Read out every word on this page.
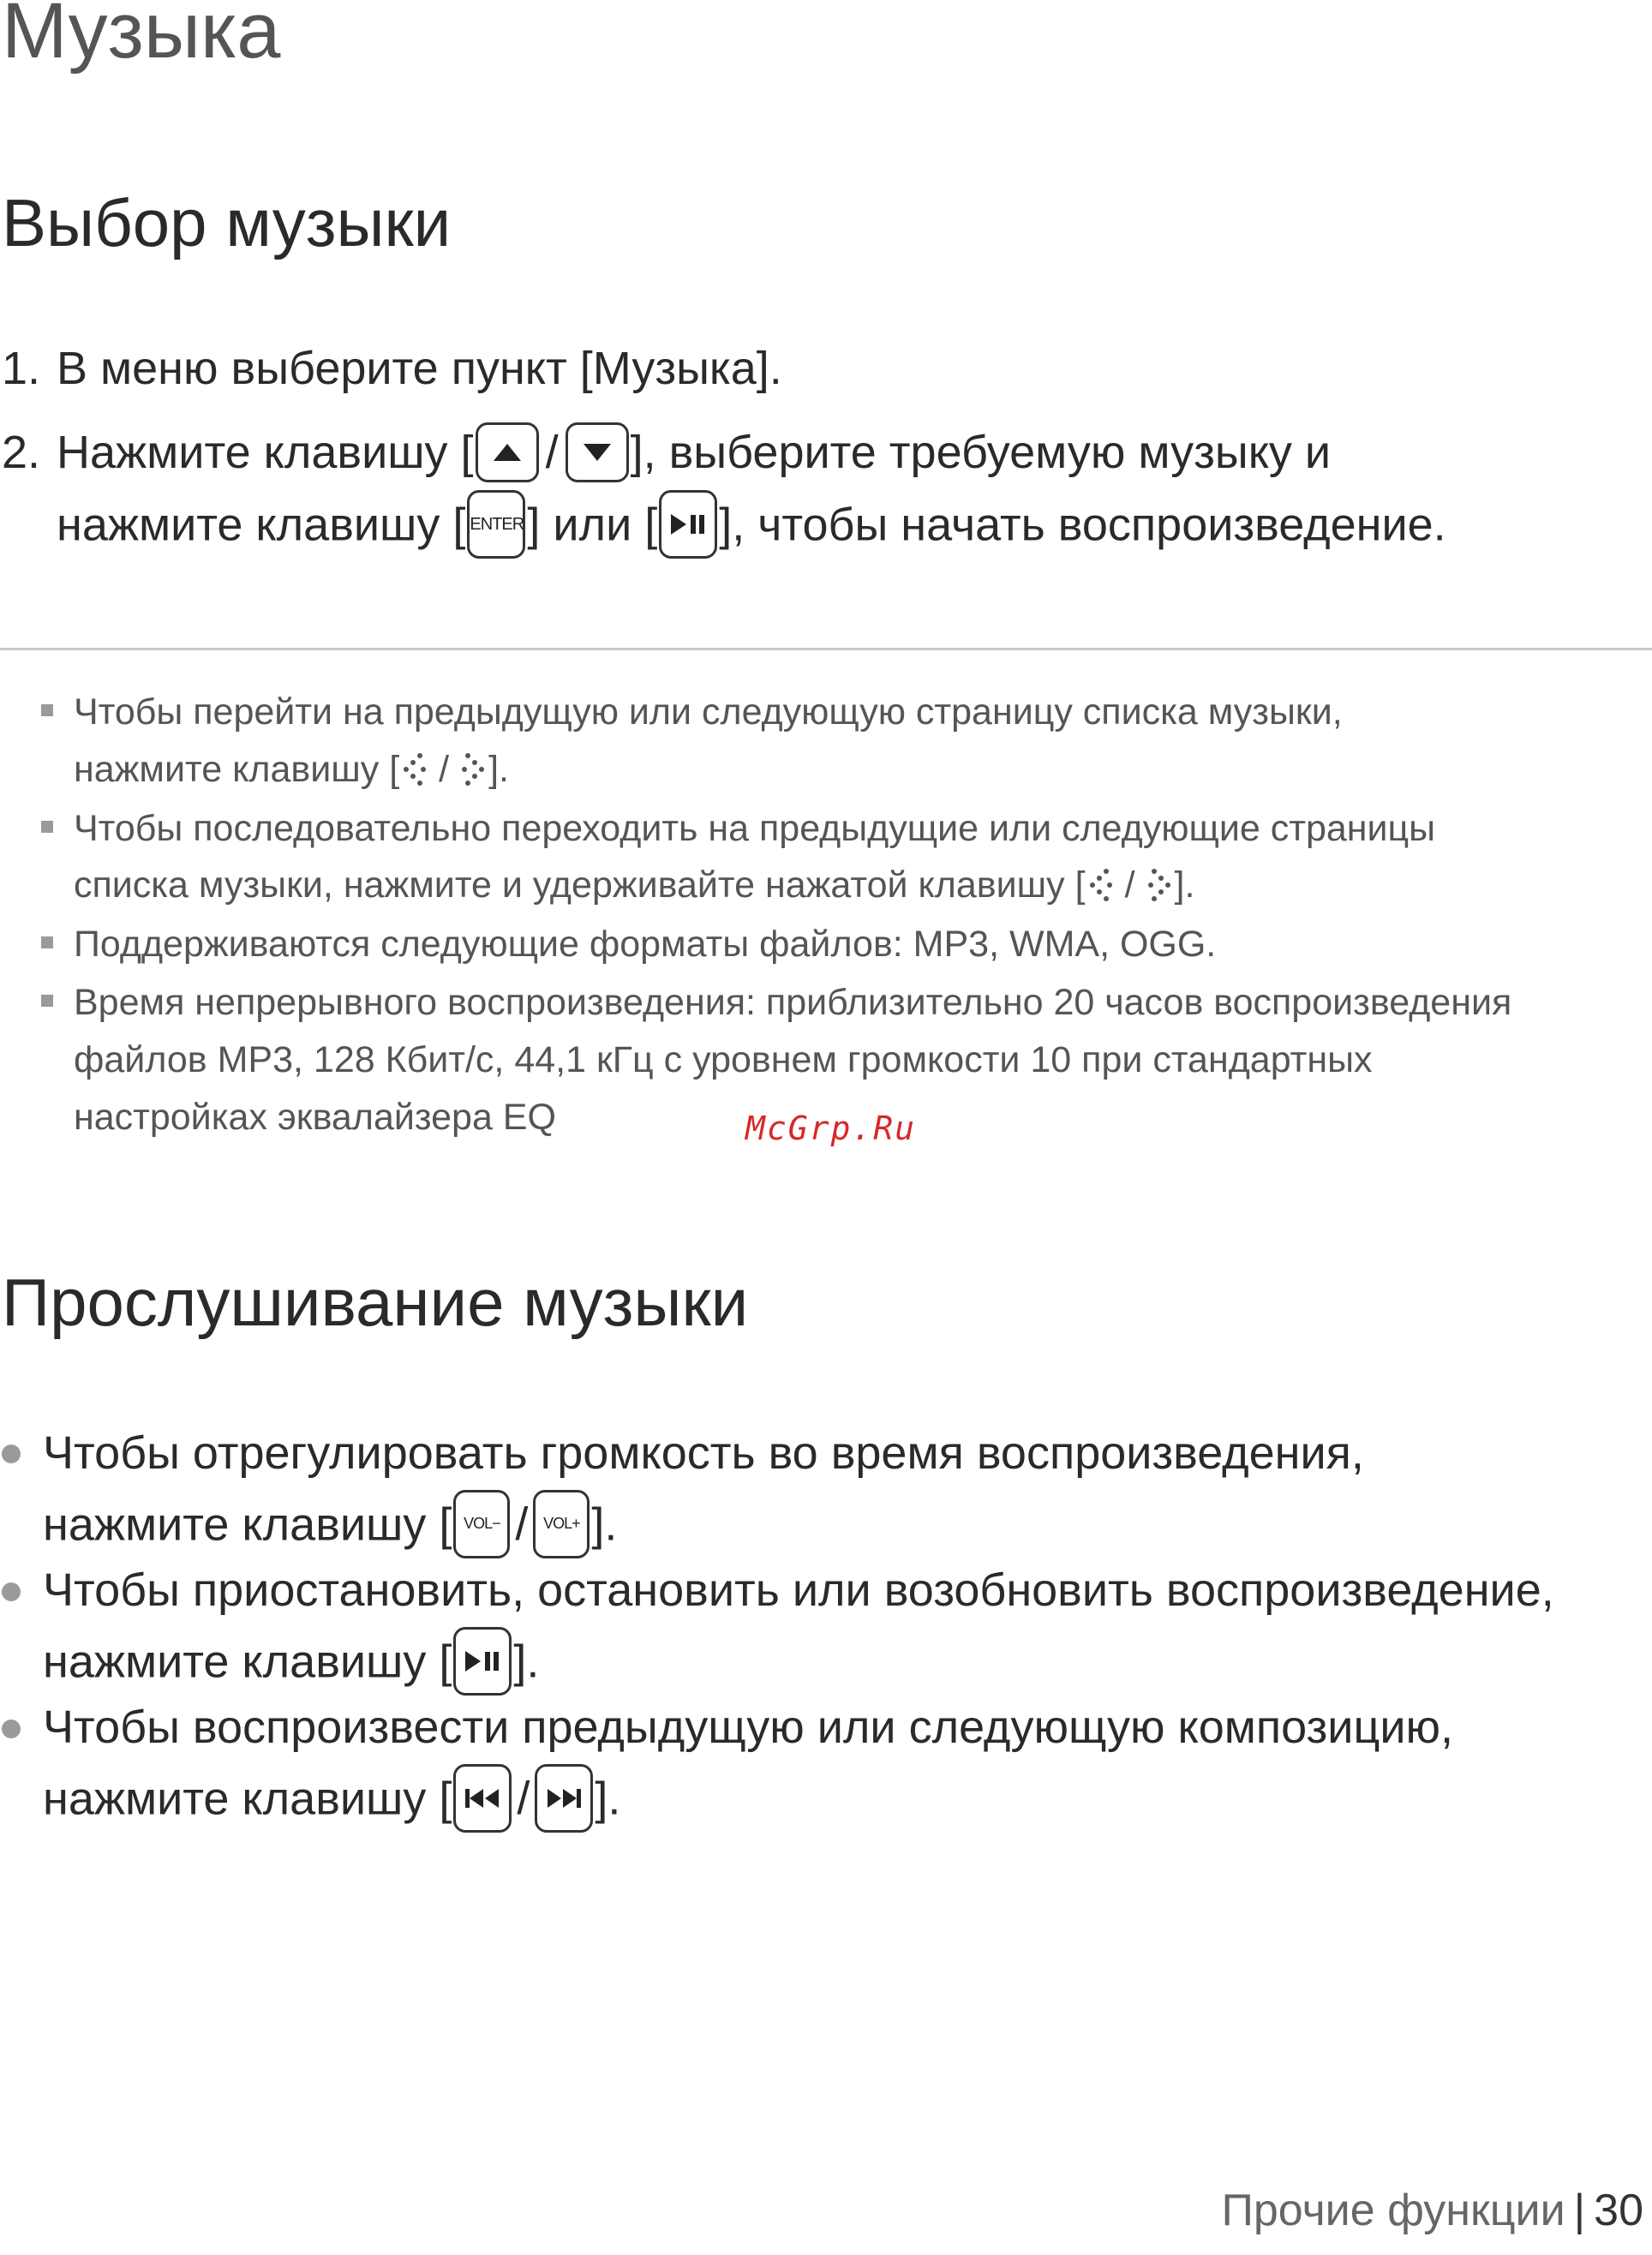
Музыка
Выбор музыки
1. В меню выберите пункт [Музыка].
2. Нажмите клавишу [ / ], выберите требуемую музыку и
нажмите клавишу [ ENTER ] или [ ], чтобы начать воспроизведение.
Чтобы перейти на предыдущую или следующую страницу списка музыки,
нажмите клавишу [ / ].
Чтобы последовательно переходить на предыдущие или следующие страницы
списка музыки, нажмите и удерживайте нажатой клавишу [ / ].
Поддерживаются следующие форматы файлов: MP3, WMA, OGG.
Время непрерывного воспроизведения: приблизительно 20 часов воспроизведения
файлов MP3, 128 Кбит/с, 44,1 кГц с уровнем громкости 10 при стандартных
настройках эквалайзера EQ	McGrp.Ru
Прослушивание музыки
Чтобы отрегулировать громкость во время воспроизведения,
нажмите клавишу [ VOL− / VOL+ ].
Чтобы приостановить, остановить или возобновить воспроизведение,
нажмите клавишу [ ].
Чтобы воспроизвести предыдущую или следующую композицию,
нажмите клавишу [ / ].
Прочие функции | 30
